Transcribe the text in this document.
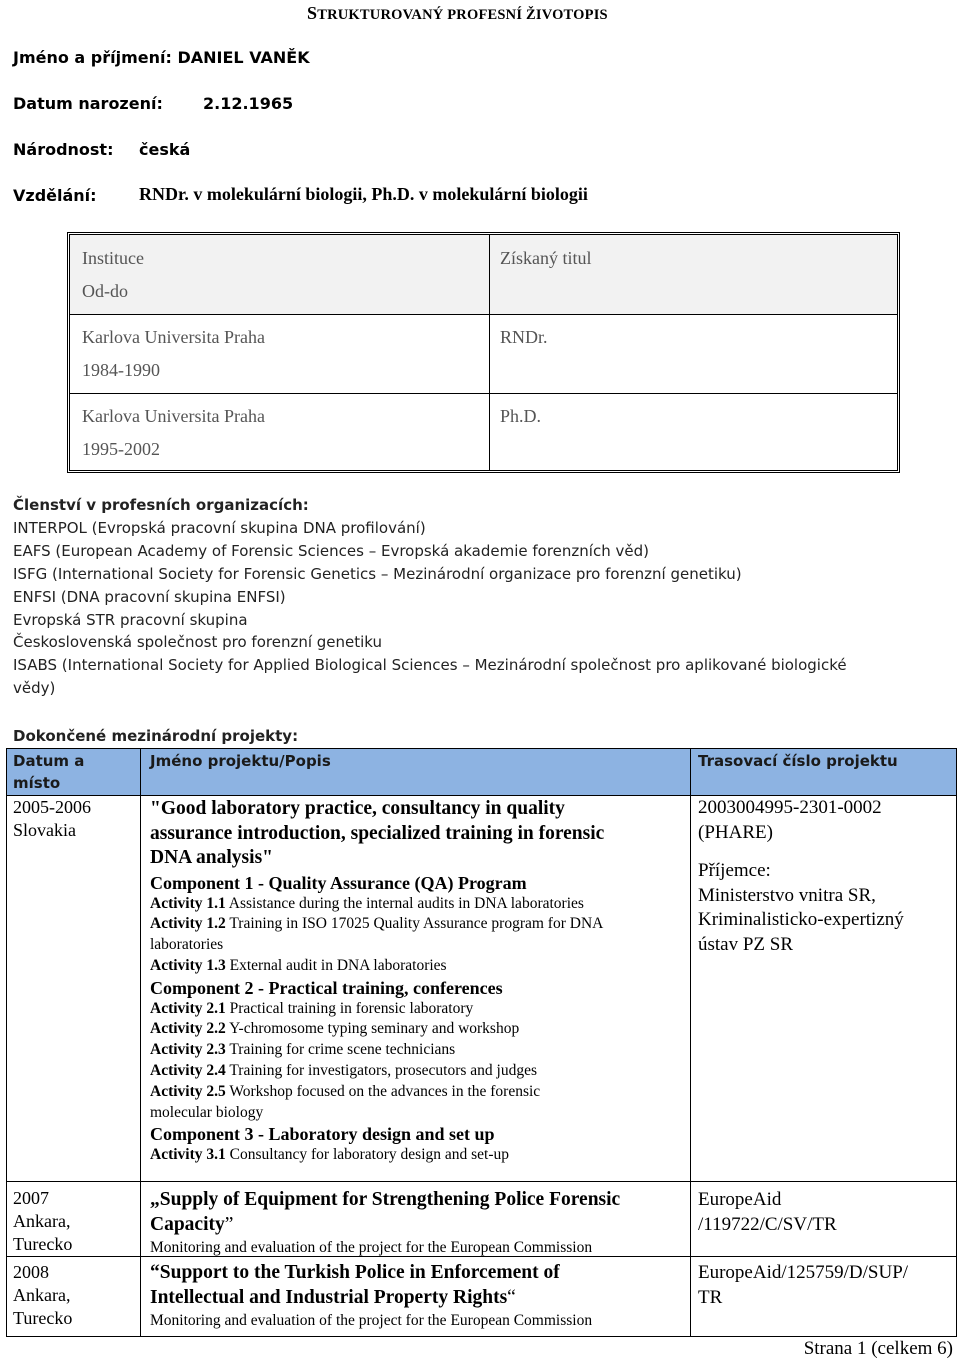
STRUKTUROVANÝ PROFESNÍ ŽIVOTOPIS
Jméno a příjmení: DANIEL VANĚK
Datum narození:	2.12.1965
Národnost: česká
Vzdělání: RNDr. v molekulární biologii, Ph.D. v molekulární biologii
Instituce
Od-do
Získaný titul
Karlova Universita Praha
1984-1990
RNDr.
Karlova Universita Praha
1995-2002
Ph.D.
Členství v profesních organizacích:
INTERPOL (Evropská pracovní skupina DNA profilování)
EAFS (European Academy of Forensic Sciences – Evropská akademie forenzních věd)
ISFG (International Society for Forensic Genetics – Mezinárodní organizace pro forenzní genetiku)
ENFSI (DNA pracovní skupina ENFSI)
Evropská STR pracovní skupina
Československá společnost pro forenzní genetiku
ISABS (International Society for Applied Biological Sciences – Mezinárodní společnost pro aplikované biologické
vědy)
Dokončené mezinárodní projekty:
Datum a
místo
Jméno projektu/Popis	Trasovací číslo projektu
2005-2006
Slovakia
"Good laboratory practice, consultancy in quality
assurance introduction, specialized training in forensic
DNA analysis"
Component 1 - Quality Assurance (QA) Program
Activity 1.1 Assistance during the internal audits in DNA laboratories
Activity 1.2 Training in ISO 17025 Quality Assurance program for DNA
laboratories
Activity 1.3 External audit in DNA laboratories
Component 2 - Practical training, conferences
Activity 2.1 Practical training in forensic laboratory
Activity 2.2 Y-chromosome typing seminary and workshop
Activity 2.3 Training for crime scene technicians
Activity 2.4 Training for investigators, prosecutors and judges
Activity 2.5 Workshop focused on the advances in the forensic
molecular biology
Component 3 - Laboratory design and set up
Activity 3.1 Consultancy for laboratory design and set-up
2003004995-2301-0002
(PHARE)
Příjemce:
Ministerstvo vnitra SR,
Kriminalisticko-expertizný
ústav PZ SR
2007
Ankara,
Turecko
„Supply of Equipment for Strengthening Police Forensic
Capacity”
Monitoring and evaluation of the project for the European Commission
EuropeAid
/119722/C/SV/TR
2008
Ankara,
Turecko
“Support to the Turkish Police in Enforcement of
Intellectual and Industrial Property Rights“
Monitoring and evaluation of the project for the European Commission
EuropeAid/125759/D/SUP/
TR
Strana 1 (celkem 6)
